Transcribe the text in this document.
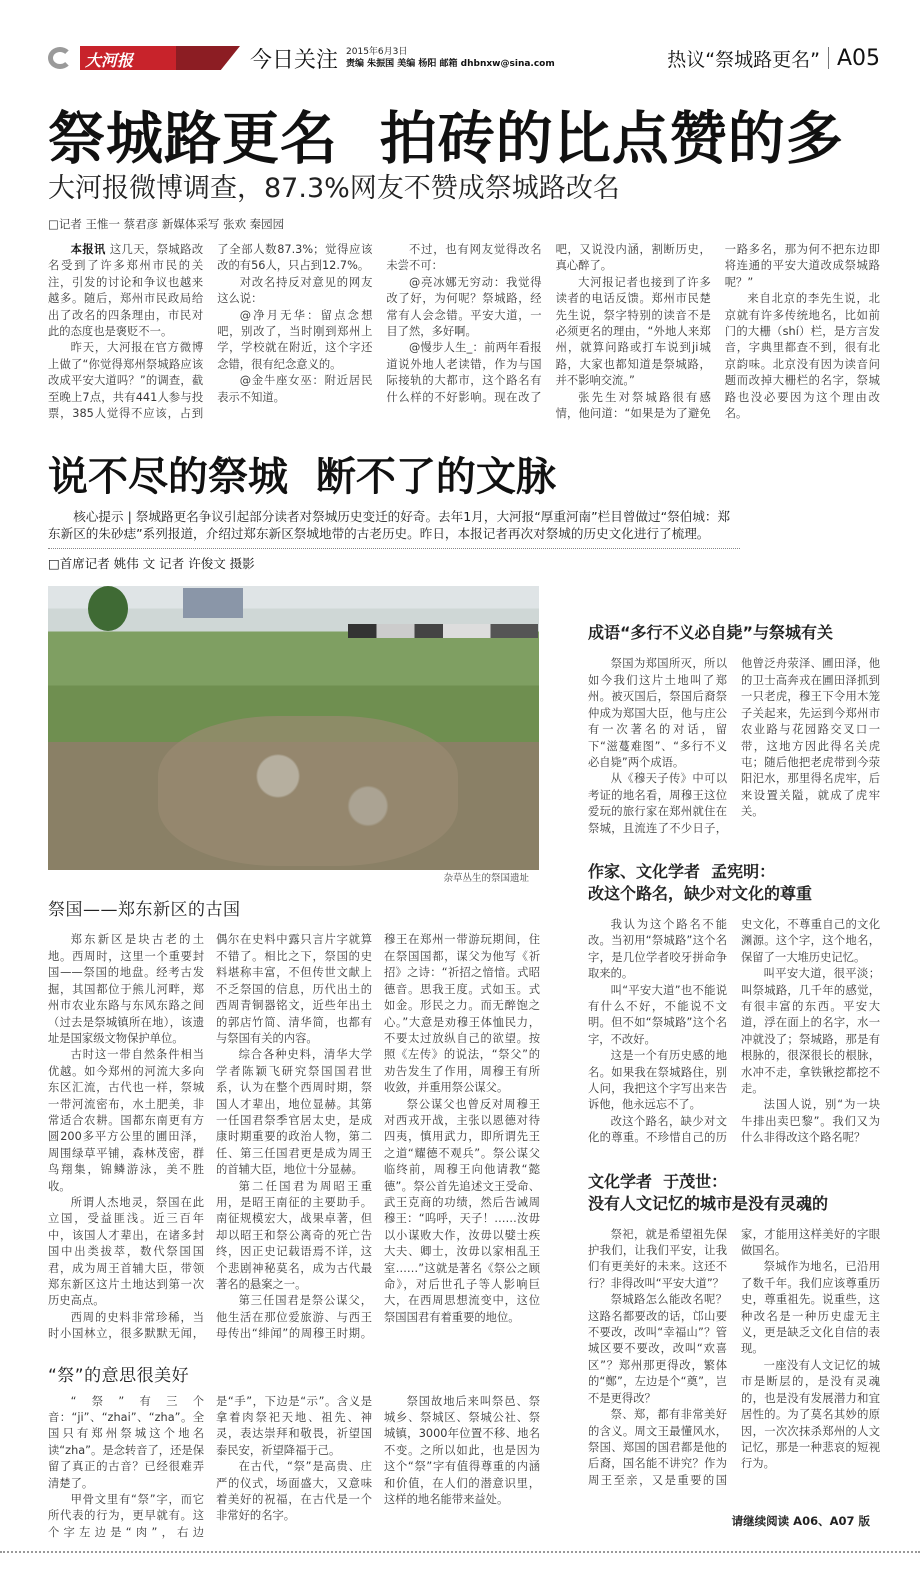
大河报	今日关注 2015年6月3日
责编 朱振国 美编 杨阳 邮箱 dhbnxw@sina.com	热议“祭城路更名” A05
祭城路更名  拍砖的比点赞的多
大河报微博调查，87.3%网友不赞成祭城路改名
□记者 王惟一 蔡君彦 新媒体采写 张欢 秦园园

本报讯 这几天，祭城路改名受到了许多郑州市民的关注，引发的讨论和争议也越来越多。随后，郑州市民政局给出了改名的四条理由，市民对此的态度也是褒贬不一。

昨天，大河报在官方微博上做了“你觉得郑州祭城路应该改成平安大道吗？”的调查，截至晚上7点，共有441人参与投票，385人觉得不应该，占到了全部人数87.3%；觉得应该改的有56人，只占到12.7%。

对改名持反对意见的网友这么说：

@净月无华：留点念想吧，别改了，当时刚到郑州上学，学校就在附近，这个字还念错，很有纪念意义的。

@金牛座女巫：附近居民表示不知道。

不过，也有网友觉得改名未尝不可：

@亮冰娜无穷动：我觉得改了好，为何呢？祭城路，经常有人会念错。平安大道，一目了然，多好啊。

@慢步人生_：前两年看报道说外地人老读错，作为与国际接轨的大都市，这个路名有什么样的不好影响。现在改了吧，又说没内涵，割断历史，真心醉了。

大河报记者也接到了许多读者的电话反馈。郑州市民楚先生说，祭字特别的读音不是必须更名的理由，“外地人来郑州，就算问路或打车说到ji城路，大家也都知道是祭城路，并不影响交流。”

张先生对祭城路很有感情，他问道：“如果是为了避免一路多名，那为何不把东边即将连通的平安大道改成祭城路呢？”

来自北京的李先生说，北京就有许多传统地名，比如前门的大栅（shí）栏，是方言发音，字典里都查不到，很有北京韵味。北京没有因为读音问题而改掉大栅栏的名字，祭城路也没必要因为这个理由改名。

说不尽的祭城  断不了的文脉

核心提示 | 祭城路更名争议引起部分读者对祭城历史变迁的好奇。去年1月，大河报“厚重河南”栏目曾做过“祭伯城：郑东新区的朱砂痣”系列报道，介绍过郑东新区祭城地带的古老历史。昨日，本报记者再次对祭城的历史文化进行了梳理。

□首席记者 姚伟 文 记者 许俊文 摄影
杂草丛生的祭国遗址
祭国——郑东新区的古国

郑东新区是块古老的土地。西周时，这里一个重要封国——祭国的地盘。经考古发掘，其国都位于熊儿河畔，郑州市农业东路与东风东路之间（过去是祭城镇所在地），该遗址是国家级文物保护单位。

古时这一带自然条件相当优越。如今郑州的河流大多向东区汇流，古代也一样，祭城一带河流密布，水土肥美，非常适合农耕。国都东南更有方圆200多平方公里的圃田泽，周围绿草平铺，森林茂密，群鸟翔集，锦鳞游泳，美不胜收。

所谓人杰地灵，祭国在此立国，受益匪浅。近三百年中，该国人才辈出，在诸多封国中出类拔萃，数代祭国国君，成为周王首辅大臣，带领郑东新区这片土地达到第一次历史高点。

西周的史料非常珍稀，当时小国林立，很多默默无闻，偶尔在史料中露只言片字就算不错了。相比之下，祭国的史料堪称丰富，不但传世文献上不乏祭国的信息，历代出土的西周青铜器铭文，近些年出土的郭店竹简、清华简，也都有与祭国有关的内容。

综合各种史料，清华大学学者陈颖飞研究祭国国君世系，认为在整个西周时期，祭国人才辈出，地位显赫。其第一任国君祭季官居太史，是成康时期重要的政治人物，第二任、第三任国君更是成为周王的首辅大臣，地位十分显赫。

第二任国君为周昭王重用，是昭王南征的主要助手。南征规模宏大，战果卓著，但却以昭王和祭公离奇的死亡告终，因正史记载语焉不详，这个悲剧神秘莫名，成为古代最著名的悬案之一。

第三任国君是祭公谋父，他生活在那位爱旅游、与西王母传出“绯闻”的周穆王时期。穆王在郑州一带游玩期间，住在祭国国都，谋父为他写《祈招》之诗：“祈招之愔愔。式昭德音。思我王度。式如玉。式如金。形民之力。而无醉饱之心。”大意是劝穆王体恤民力，不要太过放纵自己的欲望。按照《左传》的说法，“祭父”的劝告发生了作用，周穆王有所收敛，并重用祭公谋父。

祭公谋父也曾反对周穆王对西戎开战，主张以恩德对待四夷，慎用武力，即所谓先王之道“耀德不观兵”。祭公谋父临终前，周穆王向他请教“懿德”。祭公首先追述文王受命、武王克商的功绩，然后告诫周穆王：“呜呼，天子！……汝毋以小谋败大作，汝毋以嬖士疾大夫、卿士，汝毋以家相乱王室……”这就是著名《祭公之顾命》，对后世孔子等人影响巨大，在西周思想流变中，这位祭国国君有着重要的地位。

“祭”的意思很美好

“祭”有三个音：“ji”、“zhai”、“zha”。全国只有郑州祭城这个地名读“zha”。是念转音了，还是保留了真正的古音？已经很难弄清楚了。

甲骨文里有“祭”字，而它所代表的行为，更早就有。这个字左边是“肉”，右边是“手”，下边是“示”。含义是拿着肉祭祀天地、祖先、神灵，表达崇拜和敬畏，祈望国泰民安，祈望降福于己。

在古代，“祭”是高贵、庄严的仪式，场面盛大，又意味着美好的祝福，在古代是一个非常好的名字。

祭国故地后来叫祭邑、祭城乡、祭城区、祭城公社、祭城镇，3000年位置不移、地名不变。之所以如此，也是因为这个“祭”字有值得尊重的内涵和价值，在人们的潜意识里，这样的地名能带来益处。

成语“多行不义必自毙”与祭城有关

祭国为郑国所灭，所以如今我们这片土地叫了郑州。被灭国后，祭国后裔祭仲成为郑国大臣，他与庄公有一次著名的对话，留下“滋蔓难图”、“多行不义必自毙”两个成语。

从《穆天子传》中可以考证的地名看，周穆王这位爱玩的旅行家在郑州就住在祭城，且流连了不少日子，他曾泛舟荥泽、圃田泽，他的卫士高奔戎在圃田泽抓到一只老虎，穆王下令用木笼子关起来，先运到今郑州市农业路与花园路交叉口一带，这地方因此得名关虎屯；随后他把老虎带到今荥阳汜水，那里得名虎牢，后来设置关隘，就成了虎牢关。

作家、文化学者  孟宪明：
改这个路名，缺少对文化的尊重

我认为这个路名不能改。当初用“祭城路”这个名字，是几位学者咬牙拼命争取来的。

叫“平安大道”也不能说有什么不好，不能说不文明。但不如“祭城路”这个名字，不改好。

这是一个有历史感的地名。如果我在祭城路住，别人问，我把这个字写出来告诉他，他永远忘不了。

改这个路名，缺少对文化的尊重。不珍惜自己的历史文化，不尊重自己的文化渊源。这个字，这个地名，保留了一大堆历史记忆。

叫平安大道，很平淡；叫祭城路，几千年的感觉，有很丰富的东西。平安大道，浮在面上的名字，水一冲就没了；祭城路，那是有根脉的，很深很长的根脉，水冲不走，拿铁锹挖都挖不走。

法国人说，别“为一块牛排出卖巴黎”。我们又为什么非得改这个路名呢？

文化学者  于茂世：
没有人文记忆的城市是没有灵魂的

祭祀，就是希望祖先保护我们，让我们平安，让我们有更美好的未来。这还不行？非得改叫“平安大道”？

祭城路怎么能改名呢？这路名都要改的话，邙山要不要改，改叫“幸福山”？管城区要不要改，改叫“欢喜区”？郑州那更得改，繁体的“鄭”，左边是个“奠”，岂不是更得改？

祭、郑，都有非常美好的含义。周文王最懂风水，祭国、郑国的国君都是他的后裔，国名能不讲究？作为周王至亲，又是重要的国家，才能用这样美好的字眼做国名。

祭城作为地名，已沿用了数千年。我们应该尊重历史，尊重祖先。说重些，这种改名是一种历史虚无主义，更是缺乏文化自信的表现。

一座没有人文记忆的城市是断层的，是没有灵魂的，也是没有发展潜力和宜居性的。为了莫名其妙的原因，一次次抹杀郑州的人文记忆，那是一种悲哀的短视行为。

请继续阅读 A06、A07 版
